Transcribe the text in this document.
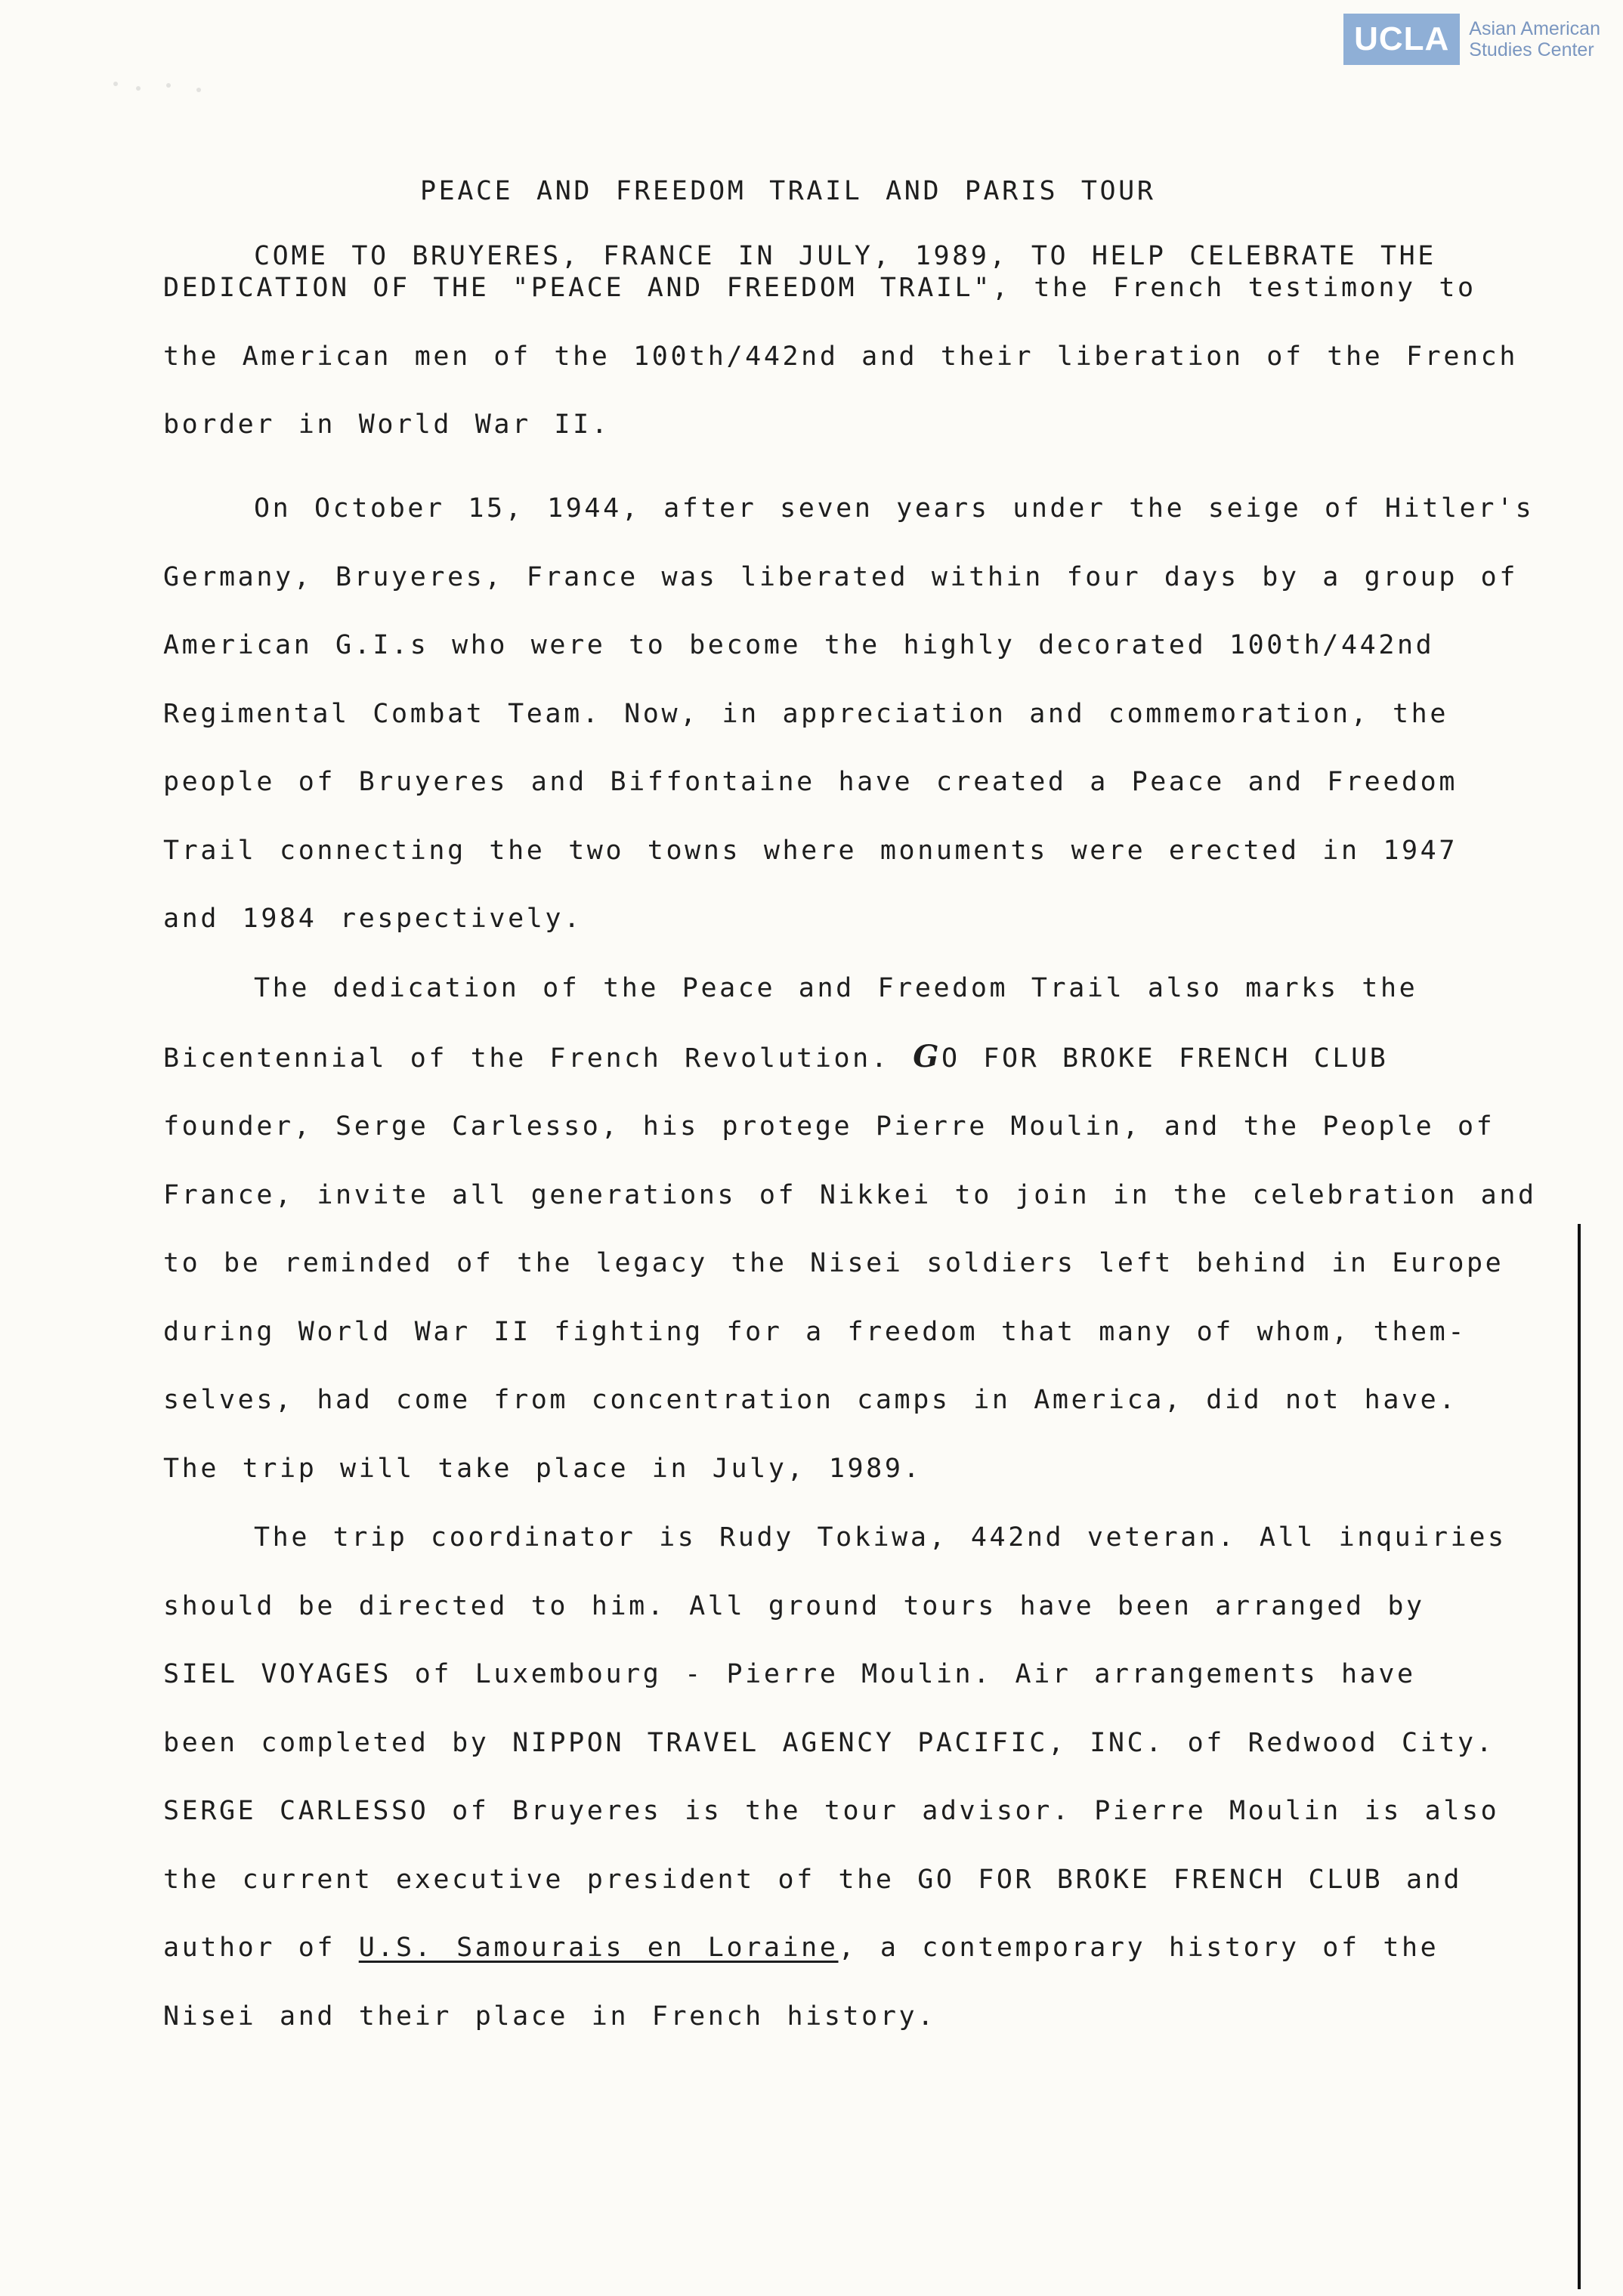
UCLA	Asian American
Studies Center
PEACE AND FREEDOM TRAIL AND PARIS TOUR
COME TO BRUYERES, FRANCE IN JULY, 1989, TO HELP CELEBRATE THE
DEDICATION OF THE "PEACE AND FREEDOM TRAIL", the French testimony to
the American men of the 100th/442nd and their liberation of the French
border in World War II.
On October 15, 1944, after seven years under the seige of Hitler's
Germany, Bruyeres, France was liberated within four days by a group of
American G.I.s who were to become the highly decorated 100th/442nd
Regimental Combat Team. Now, in appreciation and commemoration, the
people of Bruyeres and Biffontaine have created a Peace and Freedom
Trail connecting the two towns where monuments were erected in 1947
and 1984 respectively.
The dedication of the Peace and Freedom Trail also marks the
Bicentennial of the French Revolution. GO FOR BROKE FRENCH CLUB
founder, Serge Carlesso, his protege Pierre Moulin, and the People of
France, invite all generations of Nikkei to join in the celebration and
to be reminded of the legacy the Nisei soldiers left behind in Europe
during World War II fighting for a freedom that many of whom, them-
selves, had come from concentration camps in America, did not have.
The trip will take place in July, 1989.
The trip coordinator is Rudy Tokiwa, 442nd veteran. All inquiries
should be directed to him. All ground tours have been arranged by
SIEL VOYAGES of Luxembourg - Pierre Moulin. Air arrangements have
been completed by NIPPON TRAVEL AGENCY PACIFIC, INC. of Redwood City.
SERGE CARLESSO of Bruyeres is the tour advisor. Pierre Moulin is also
the current executive president of the GO FOR BROKE FRENCH CLUB and
author of U.S. Samourais en Loraine, a contemporary history of the
Nisei and their place in French history.
